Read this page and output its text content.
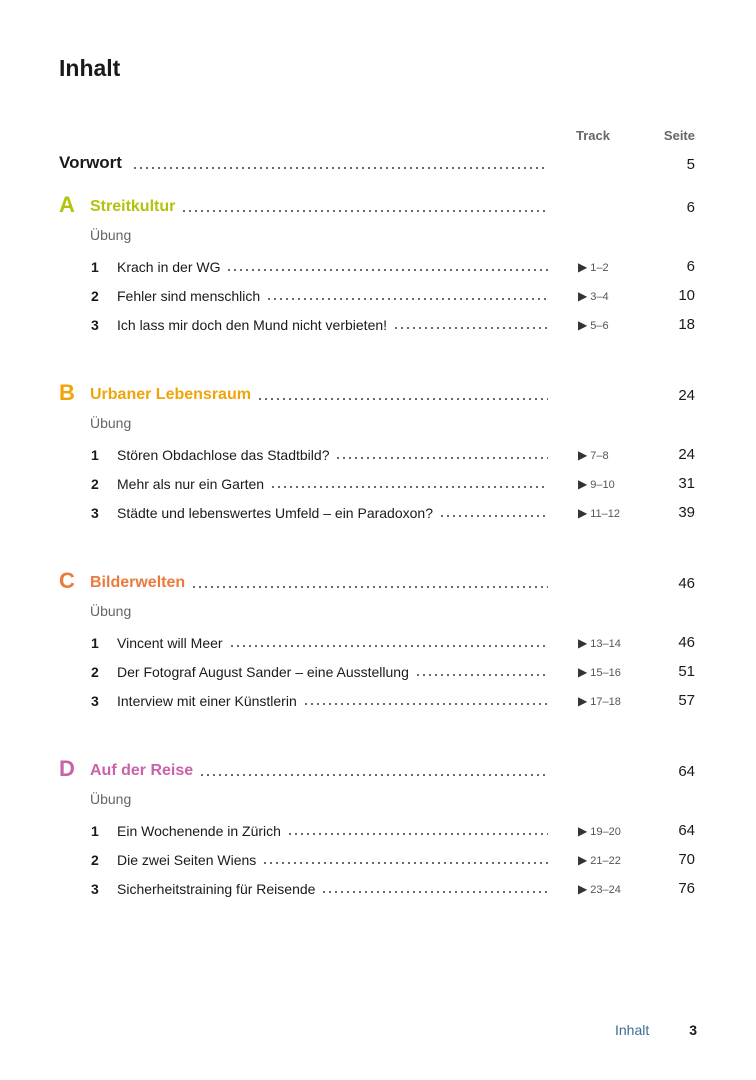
Inhalt
Track	Seite
Vorwort	5
A Streitkultur	6
Übung
1 Krach in der WG	▶ 1–2	6
2 Fehler sind menschlich	▶ 3–4	10
3 Ich lass mir doch den Mund nicht verbieten!	▶ 5–6	18
B Urbaner Lebensraum	24
Übung
1 Stören Obdachlose das Stadtbild?	▶ 7–8	24
2 Mehr als nur ein Garten	▶ 9–10	31
3 Städte und lebenswertes Umfeld – ein Paradoxon?	▶ 11–12	39
C Bilderwelten	46
Übung
1 Vincent will Meer	▶ 13–14	46
2 Der Fotograf August Sander – eine Ausstellung	▶ 15–16	51
3 Interview mit einer Künstlerin	▶ 17–18	57
D Auf der Reise	64
Übung
1 Ein Wochenende in Zürich	▶ 19–20	64
2 Die zwei Seiten Wiens	▶ 21–22	70
3 Sicherheitstraining für Reisende	▶ 23–24	76
Inhalt	3
